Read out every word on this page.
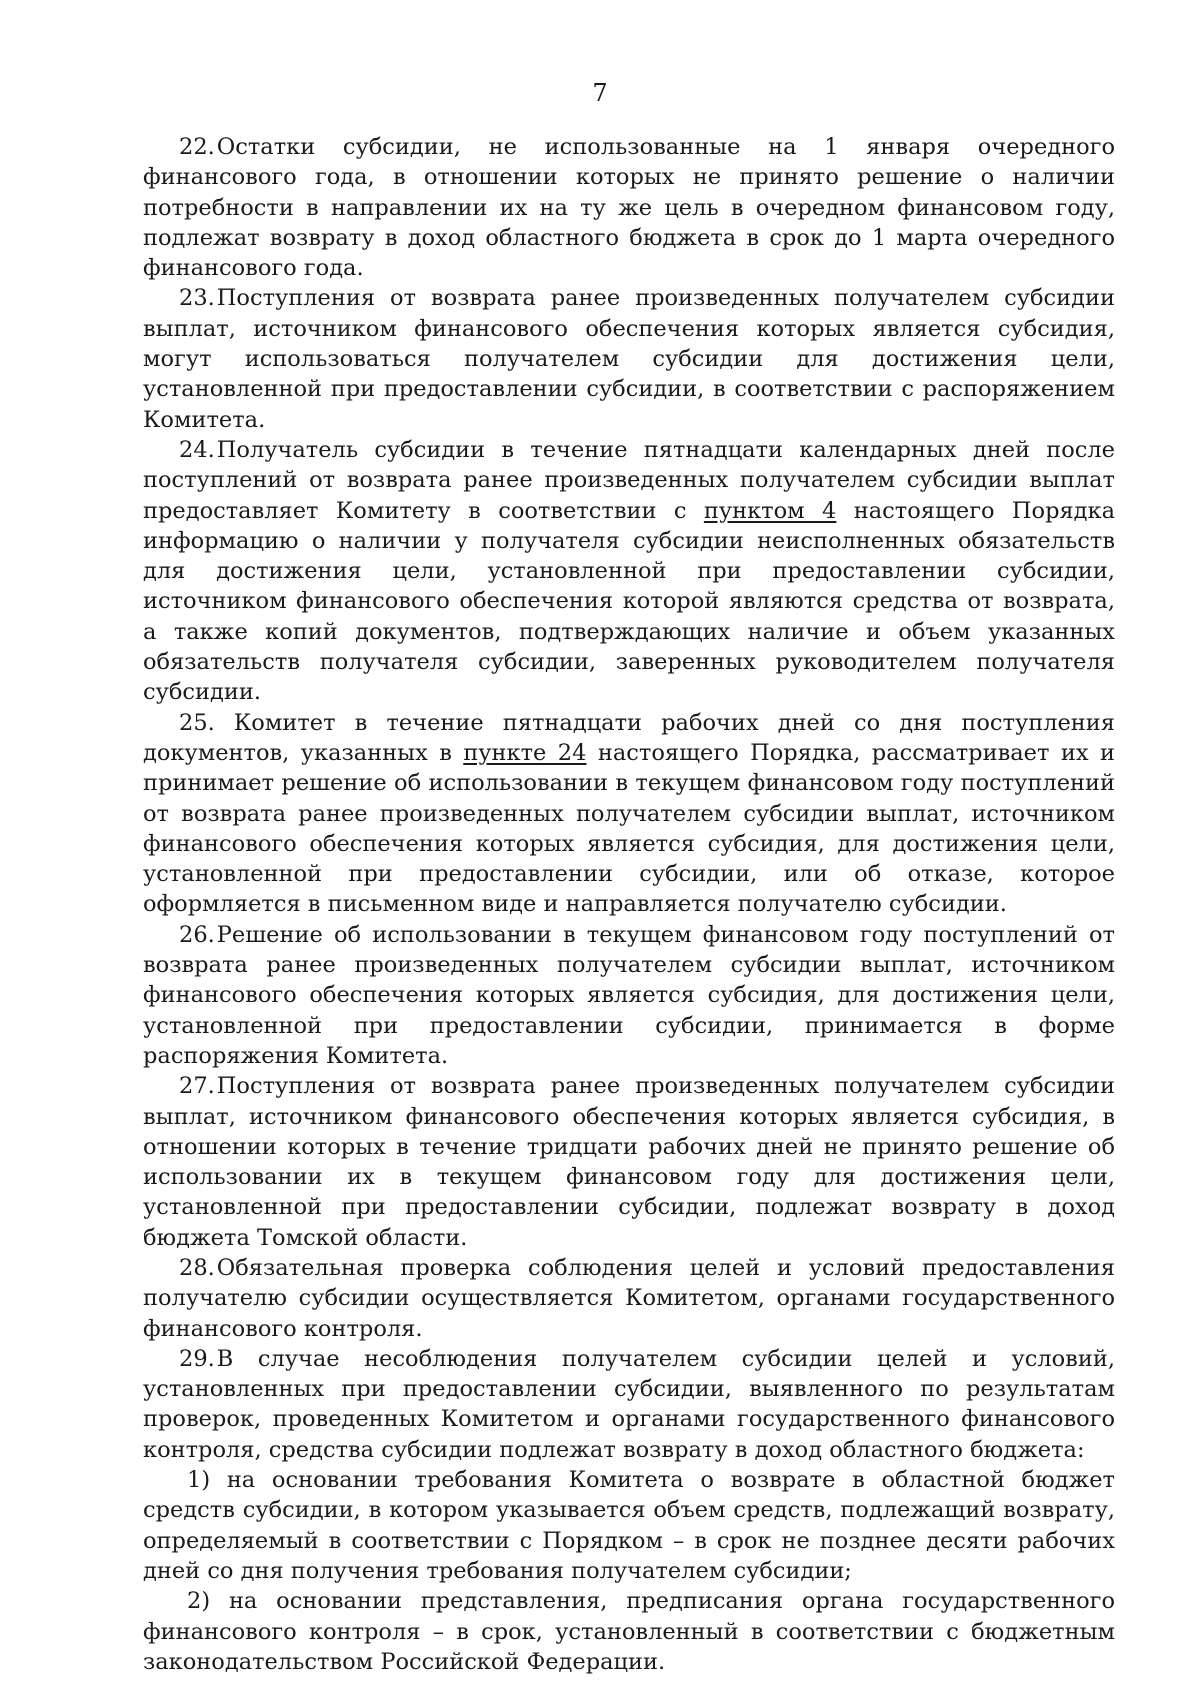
7

22.Остатки субсидии, не использованные на 1 января очередного финансового года, в отношении которых не принято решение о наличии потребности в направлении их на ту же цель в очередном финансовом году, подлежат возврату в доход областного бюджета в срок до 1 марта очередного финансового года.

23.Поступления от возврата ранее произведенных получателем субсидии выплат, источником финансового обеспечения которых является субсидия, могут использоваться получателем субсидии для достижения цели, установленной при предоставлении субсидии, в соответствии с распоряжением Комитета.

24.Получатель субсидии в течение пятнадцати календарных дней после поступлений от возврата ранее произведенных получателем субсидии выплат предоставляет Комитету в соответствии с пунктом 4 настоящего Порядка информацию о наличии у получателя субсидии неисполненных обязательств для достижения цели, установленной при предоставлении субсидии, источником финансового обеспечения которой являются средства от возврата, а также копий документов, подтверждающих наличие и объем указанных обязательств получателя субсидии, заверенных руководителем получателя субсидии.

25. Комитет в течение пятнадцати рабочих дней со дня поступления документов, указанных в пункте 24 настоящего Порядка, рассматривает их и принимает решение об использовании в текущем финансовом году поступлений от возврата ранее произведенных получателем субсидии выплат, источником финансового обеспечения которых является субсидия, для достижения цели, установленной при предоставлении субсидии, или об отказе, которое оформляется в письменном виде и направляется получателю субсидии.

26.Решение об использовании в текущем финансовом году поступлений от возврата ранее произведенных получателем субсидии выплат, источником финансового обеспечения которых является субсидия, для достижения цели, установленной при предоставлении субсидии, принимается в форме распоряжения Комитета.

27.Поступления от возврата ранее произведенных получателем субсидии выплат, источником финансового обеспечения которых является субсидия, в отношении которых в течение тридцати рабочих дней не принято решение об использовании их в текущем финансовом году для достижения цели, установленной при предоставлении субсидии, подлежат возврату в доход бюджета Томской области.

28.Обязательная проверка соблюдения целей и условий предоставления получателю субсидии осуществляется Комитетом, органами государственного финансового контроля.

29.В случае несоблюдения получателем субсидии целей и условий, установленных при предоставлении субсидии, выявленного по результатам проверок, проведенных Комитетом и органами государственного финансового контроля, средства субсидии подлежат возврату в доход областного бюджета:

1) на основании требования Комитета о возврате в областной бюджет средств субсидии, в котором указывается объем средств, подлежащий возврату, определяемый в соответствии с Порядком – в срок не позднее десяти рабочих дней со дня получения требования получателем субсидии;

2) на основании представления, предписания органа государственного финансового контроля – в срок, установленный в соответствии с бюджетным законодательством Российской Федерации.
